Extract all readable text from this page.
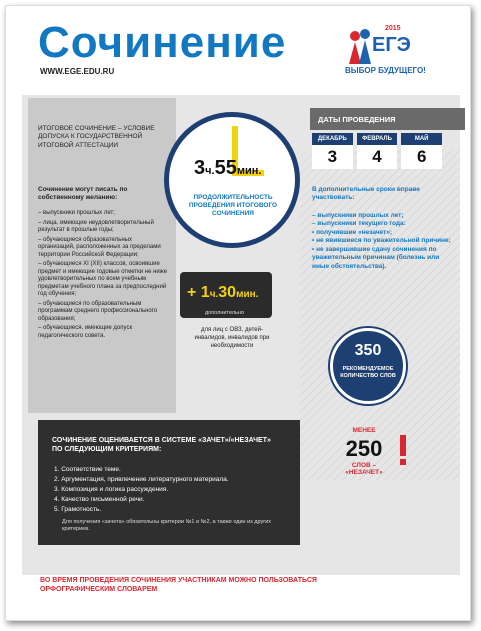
Сочинение
WWW.EGE.EDU.RU
2015
ЕГЭ
ВЫБОР БУДУЩЕГО!
ИТОГОВОЕ СОЧИНЕНИЕ – УСЛОВИЕ ДОПУСКА К ГОСУДАРСТВЕННОЙ ИТОГОВОЙ АТТЕСТАЦИИ
Сочинение могут писать по собственному желанию:
– выпускники прошлых лет;
– лица, имеющие неудовлетворительный результат в прошлые годы;
– обучающиеся образовательных организаций, расположенных за пределами территории Российской Федерации;
– обучающиеся XI (XII) классов, освоившие предмет и имеющие годовые отметки не ниже удовлетворительных по всем учебным предметам учебного плана за предпоследний год обучения;
– обучающиеся по образовательным программам среднего профессионального образования;
– обучающиеся, имеющие допуск педагогического совета.
ДАТЫ ПРОВЕДЕНИЯ
ДЕКАБРЬ
3
ФЕВРАЛЬ
4
МАЙ
6
В дополнительные сроки вправе участвовать:
– выпускники прошлых лет;
– выпускники текущего года:
• получившие «незачет»;
• не явившиеся по уважительной причине;
• не завершившие сдачу сочинения по уважительным причинам (болезнь или иные обстоятельства).
3ч.55мин.
ПРОДОЛЖИТЕЛЬНОСТЬ ПРОВЕДЕНИЯ ИТОГОВОГО СОЧИНЕНИЯ
+ 1ч.30мин.
дополнительно
для лиц с ОВЗ, детей-инвалидов, инвалидов при необходимости	350
РЕКОМЕНДУЕМОЕ КОЛИЧЕСТВО СЛОВ
СОЧИНЕНИЕ ОЦЕНИВАЕТСЯ В СИСТЕМЕ «ЗАЧЕТ»/«НЕЗАЧЕТ» ПО СЛЕДУЮЩИМ КРИТЕРИЯМ:
1. Соответствие теме.
2. Аргументация, привлечение литературного материала.
3. Композиция и логика рассуждения.
4. Качество письменной речи.
5. Грамотность.
Для получения «зачета» обязательны критерии №1 и №2, а также один из других критериев.
МЕНЕЕ
250
СЛОВ – «НЕЗАЧЕТ»
ВО ВРЕМЯ ПРОВЕДЕНИЯ СОЧИНЕНИЯ УЧАСТНИКАМ МОЖНО ПОЛЬЗОВАТЬСЯ ОРФОГРАФИЧЕСКИМ СЛОВАРЕМ
